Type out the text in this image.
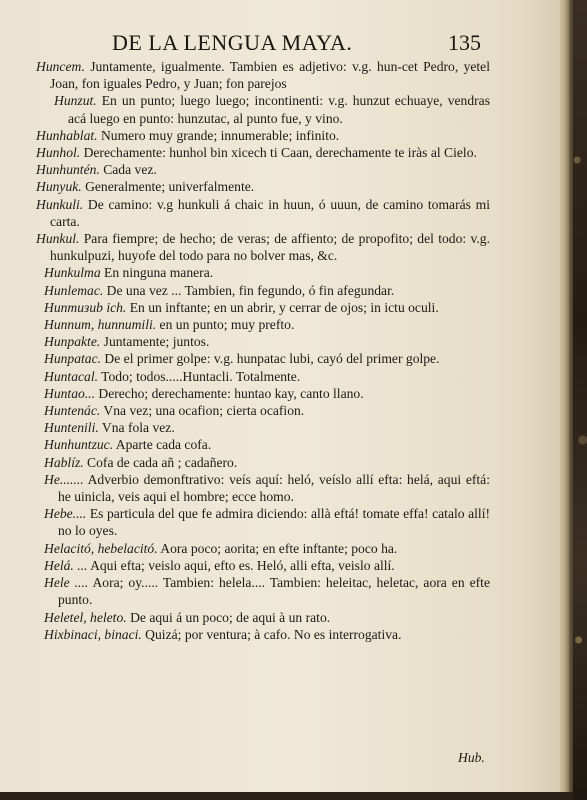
DE LA LENGUA MAYA.	135

Hunceт. Juntamente, igualmente. Tambien es adjetivo: v.g. hun-cet Pedro, yetel Joan, fon iguales Pedro, y Juan; fon parejos

Hunzut. En un punto; luego luego; incontinenti: v.g. hunzut echuaye, vendras acá luego en punto: hunzutac, al punto fue, y vino.

Hunhablat. Numero muy grande; innumerable; infinito.

Hunhol. Derechamente: hunhol bin xicech ti Caan, derechamente te iràs al Cielo.

Hunhuntén. Cada vez.

Hunyuk. Generalmente; univerfalmente.

Hunkuli. De camino: v.g hunkuli á chaic in huun, ó uuun, de camino tomarás mi carta.

Hunkul. Para fiempre; de hecho; de veras; de affiento; de propofito; del todo: v.g. hunkulpuzi, huyofe del todo para no bolver mas, &c.

Hunkulma En ninguna manera.

Hunlemac. De una vez ... Tambien, fin fegundo, ó fin afegundar.

Hunmuзub ich. En un inftante; en un abrir, y cerrar de ojos; in ictu oculi.

Hunnum, hunnumili. en un punto; muy prefto.

Hunpakte. Juntamente; juntos.

Hunpatac. De el primer golpe: v.g. hunpatac lubi, cayó del primer golpe.

Huntacal. Todo; todos.....Huntacli. Totalmente.

Huntao... Derecho; derechamente: huntao kay, canto llano.

Huntenác. Vna vez; una ocafion; cierta ocafion.

Huntenili. Vna fola vez.

Hunhuntzuc. Aparte cada cofa.

Hablíz. Cofa de cada añ ; cadañero.

He....... Adverbio demonftrativo: veís aquí: heló, veíslo allí efta: helá, aqui eftá: he uinicla, veis aqui el hombre; ecce homo.

Hebe.... Es particula del que fe admira diciendo: allà eftá! tomate effa! catalo allí! no lo oyes.

Helacitó, hebelacitó. Aora poco; aorita; en efte inftante; poco ha.

Helá. ... Aqui efta; veislo aqui, efto es. Heló, alli efta, veislo allí.

Hele .... Aora; oy..... Tambien: helela.... Tambien: heleitac, heletac, aora en efte punto.

Heletel, heleto. De aqui á un poco; de aqui à un rato.

Hixbinaci, binaci. Quizá; por ventura; à cafo. No es interrogativa.

Hub.
